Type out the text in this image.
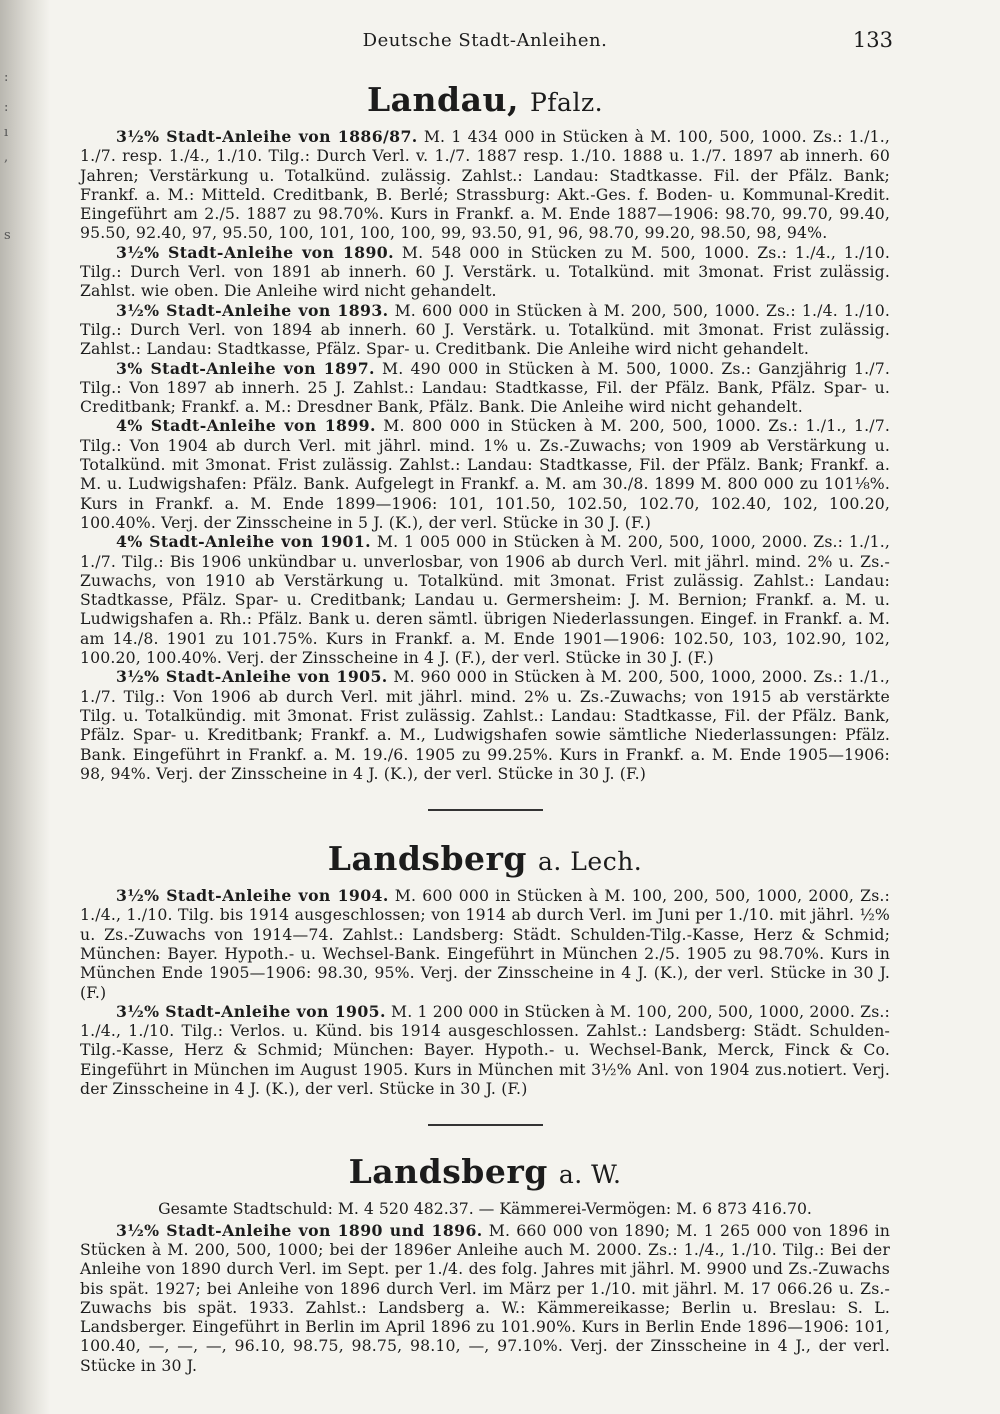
:
:
ı
,
s
Deutsche Stadt-Anleihen.	133
Landau, Pfalz.

3½% Stadt-Anleihe von 1886/87. M. 1 434 000 in Stücken à M. 100, 500, 1000. Zs.: 1./1., 1./7. resp. 1./4., 1./10. Tilg.: Durch Verl. v. 1./7. 1887 resp. 1./10. 1888 u. 1./7. 1897 ab innerh. 60 Jahren; Verstärkung u. Totalkünd. zulässig. Zahlst.: Landau: Stadtkasse. Fil. der Pfälz. Bank; Frankf. a. M.: Mitteld. Creditbank, B. Berlé; Strassburg: Akt.-Ges. f. Boden- u. Kommunal-Kredit. Eingeführt am 2./5. 1887 zu 98.70%. Kurs in Frankf. a. M. Ende 1887—1906: 98.70, 99.70, 99.40, 95.50, 92.40, 97, 95.50, 100, 101, 100, 100, 99, 93.50, 91, 96, 98.70, 99.20, 98.50, 98, 94%.

3½% Stadt-Anleihe von 1890. M. 548 000 in Stücken zu M. 500, 1000. Zs.: 1./4., 1./10. Tilg.: Durch Verl. von 1891 ab innerh. 60 J. Verstärk. u. Totalkünd. mit 3monat. Frist zulässig. Zahlst. wie oben. Die Anleihe wird nicht gehandelt.

3½% Stadt-Anleihe von 1893. M. 600 000 in Stücken à M. 200, 500, 1000. Zs.: 1./4. 1./10. Tilg.: Durch Verl. von 1894 ab innerh. 60 J. Verstärk. u. Totalkünd. mit 3monat. Frist zulässig. Zahlst.: Landau: Stadtkasse, Pfälz. Spar- u. Creditbank. Die Anleihe wird nicht gehandelt.

3% Stadt-Anleihe von 1897. M. 490 000 in Stücken à M. 500, 1000. Zs.: Ganzjährig 1./7. Tilg.: Von 1897 ab innerh. 25 J. Zahlst.: Landau: Stadtkasse, Fil. der Pfälz. Bank, Pfälz. Spar- u. Creditbank; Frankf. a. M.: Dresdner Bank, Pfälz. Bank. Die Anleihe wird nicht gehandelt.

4% Stadt-Anleihe von 1899. M. 800 000 in Stücken à M. 200, 500, 1000. Zs.: 1./1., 1./7. Tilg.: Von 1904 ab durch Verl. mit jährl. mind. 1% u. Zs.-Zuwachs; von 1909 ab Verstärkung u. Totalkünd. mit 3monat. Frist zulässig. Zahlst.: Landau: Stadtkasse, Fil. der Pfälz. Bank; Frankf. a. M. u. Ludwigshafen: Pfälz. Bank. Aufgelegt in Frankf. a. M. am 30./8. 1899 M. 800 000 zu 101⅛%. Kurs in Frankf. a. M. Ende 1899—1906: 101, 101.50, 102.50, 102.70, 102.40, 102, 100.20, 100.40%. Verj. der Zinsscheine in 5 J. (K.), der verl. Stücke in 30 J. (F.)

4% Stadt-Anleihe von 1901. M. 1 005 000 in Stücken à M. 200, 500, 1000, 2000. Zs.: 1./1., 1./7. Tilg.: Bis 1906 unkündbar u. unverlosbar, von 1906 ab durch Verl. mit jährl. mind. 2% u. Zs.-Zuwachs, von 1910 ab Verstärkung u. Totalkünd. mit 3monat. Frist zulässig. Zahlst.: Landau: Stadtkasse, Pfälz. Spar- u. Creditbank; Landau u. Germersheim: J. M. Bernion; Frankf. a. M. u. Ludwigshafen a. Rh.: Pfälz. Bank u. deren sämtl. übrigen Niederlassungen. Eingef. in Frankf. a. M. am 14./8. 1901 zu 101.75%. Kurs in Frankf. a. M. Ende 1901—1906: 102.50, 103, 102.90, 102, 100.20, 100.40%. Verj. der Zinsscheine in 4 J. (F.), der verl. Stücke in 30 J. (F.)

3½% Stadt-Anleihe von 1905. M. 960 000 in Stücken à M. 200, 500, 1000, 2000. Zs.: 1./1., 1./7. Tilg.: Von 1906 ab durch Verl. mit jährl. mind. 2% u. Zs.-Zuwachs; von 1915 ab verstärkte Tilg. u. Totalkündig. mit 3monat. Frist zulässig. Zahlst.: Landau: Stadtkasse, Fil. der Pfälz. Bank, Pfälz. Spar- u. Kreditbank; Frankf. a. M., Ludwigshafen sowie sämtliche Niederlassungen: Pfälz. Bank. Eingeführt in Frankf. a. M. 19./6. 1905 zu 99.25%. Kurs in Frankf. a. M. Ende 1905—1906: 98, 94%. Verj. der Zinsscheine in 4 J. (K.), der verl. Stücke in 30 J. (F.)

Landsberg a. Lech.

3½% Stadt-Anleihe von 1904. M. 600 000 in Stücken à M. 100, 200, 500, 1000, 2000, Zs.: 1./4., 1./10. Tilg. bis 1914 ausgeschlossen; von 1914 ab durch Verl. im Juni per 1./10. mit jährl. ½% u. Zs.-Zuwachs von 1914—74. Zahlst.: Landsberg: Städt. Schulden-Tilg.-Kasse, Herz & Schmid; München: Bayer. Hypoth.- u. Wechsel-Bank. Eingeführt in München 2./5. 1905 zu 98.70%. Kurs in München Ende 1905—1906: 98.30, 95%. Verj. der Zinsscheine in 4 J. (K.), der verl. Stücke in 30 J. (F.)

3½% Stadt-Anleihe von 1905. M. 1 200 000 in Stücken à M. 100, 200, 500, 1000, 2000. Zs.: 1./4., 1./10. Tilg.: Verlos. u. Künd. bis 1914 ausgeschlossen. Zahlst.: Landsberg: Städt. Schulden-Tilg.-Kasse, Herz & Schmid; München: Bayer. Hypoth.- u. Wechsel-Bank, Merck, Finck & Co. Eingeführt in München im August 1905. Kurs in München mit 3½% Anl. von 1904 zus.notiert. Verj. der Zinsscheine in 4 J. (K.), der verl. Stücke in 30 J. (F.)

Landsberg a. W.

Gesamte Stadtschuld: M. 4 520 482.37. — Kämmerei-Vermögen: M. 6 873 416.70.

3½% Stadt-Anleihe von 1890 und 1896. M. 660 000 von 1890; M. 1 265 000 von 1896 in Stücken à M. 200, 500, 1000; bei der 1896er Anleihe auch M. 2000. Zs.: 1./4., 1./10. Tilg.: Bei der Anleihe von 1890 durch Verl. im Sept. per 1./4. des folg. Jahres mit jährl. M. 9900 und Zs.-Zuwachs bis spät. 1927; bei Anleihe von 1896 durch Verl. im März per 1./10. mit jährl. M. 17 066.26 u. Zs.-Zuwachs bis spät. 1933. Zahlst.: Landsberg a. W.: Kämmereikasse; Berlin u. Breslau: S. L. Landsberger. Eingeführt in Berlin im April 1896 zu 101.90%. Kurs in Berlin Ende 1896—1906: 101, 100.40, —, —, —, 96.10, 98.75, 98.75, 98.10, —, 97.10%. Verj. der Zinsscheine in 4 J., der verl. Stücke in 30 J.
